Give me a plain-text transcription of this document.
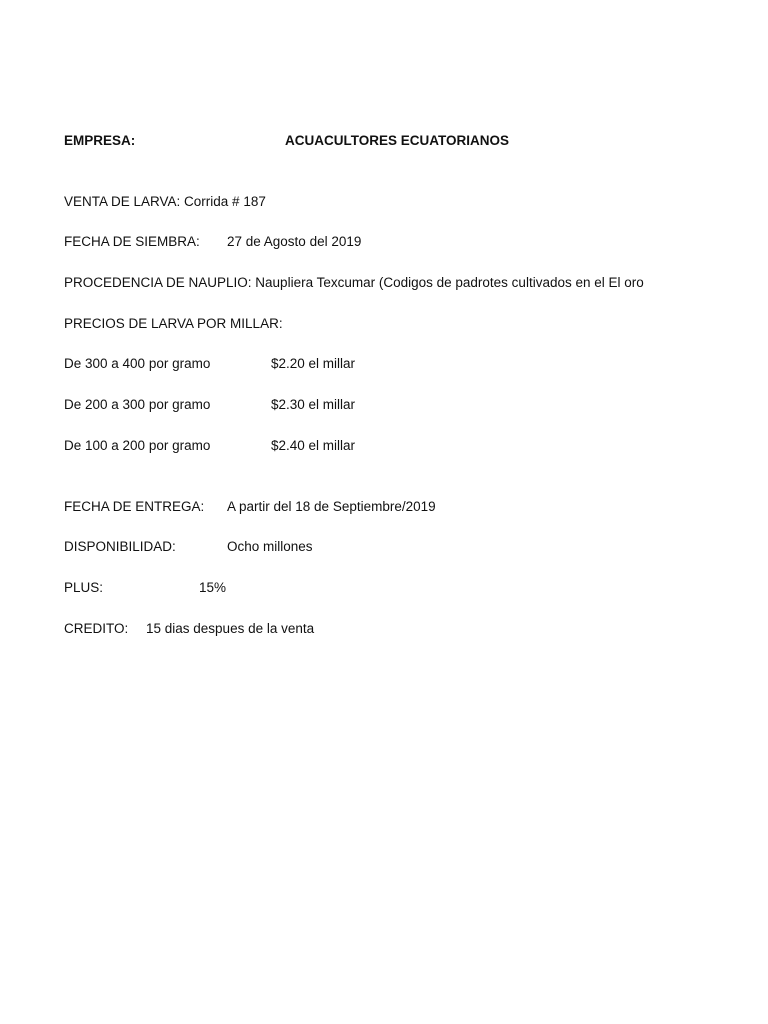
EMPRESA:	ACUACULTORES ECUATORIANOS
VENTA DE LARVA: Corrida # 187
FECHA DE SIEMBRA: 27 de Agosto del 2019
PROCEDENCIA DE NAUPLIO: Naupliera Texcumar (Codigos de padrotes cultivados en el El oro
PRECIOS DE LARVA POR MILLAR:
De 300 a 400 por gramo	$2.20 el millar
De 200 a 300 por gramo	$2.30 el millar
De 100 a 200 por gramo	$2.40 el millar
FECHA DE ENTREGA: A partir del 18 de Septiembre/2019
DISPONIBILIDAD:	Ocho millones
PLUS:	15%
CREDITO: 15 dias despues de la venta
